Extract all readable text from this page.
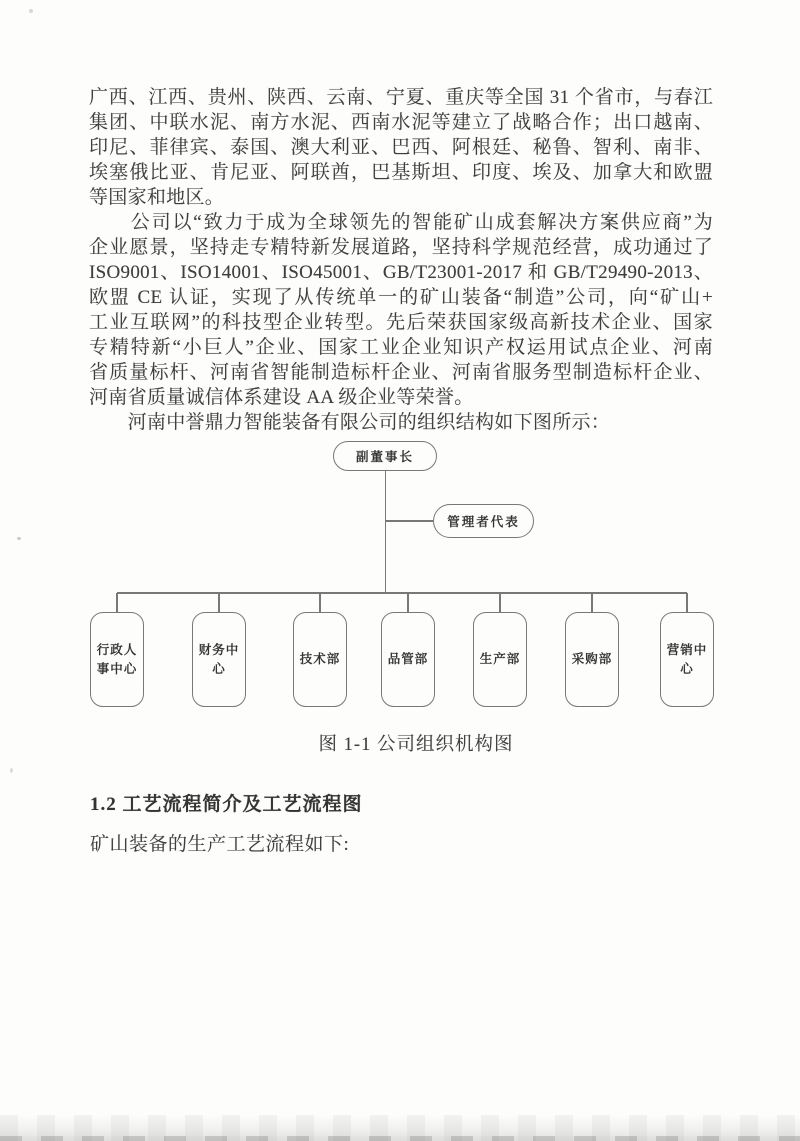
广西、江西、贵州、陕西、云南、宁夏、重庆等全国 31 个省市，与春江
集团、中联水泥、南方水泥、西南水泥等建立了战略合作；出口越南、
印尼、菲律宾、泰国、澳大利亚、巴西、阿根廷、秘鲁、智利、南非、
埃塞俄比亚、肯尼亚、阿联酋，巴基斯坦、印度、埃及、加拿大和欧盟
等国家和地区。
　　公司以“致力于成为全球领先的智能矿山成套解决方案供应商”为
企业愿景，坚持走专精特新发展道路，坚持科学规范经营，成功通过了
ISO9001、ISO14001、ISO45001、GB/T23001-2017 和 GB/T29490-2013、
欧盟 CE 认证，实现了从传统单一的矿山装备“制造”公司，向“矿山+
工业互联网”的科技型企业转型。先后荣获国家级高新技术企业、国家
专精特新“小巨人”企业、国家工业企业知识产权运用试点企业、河南
省质量标杆、河南省智能制造标杆企业、河南省服务型制造标杆企业、
河南省质量诚信体系建设 AA 级企业等荣誉。
　　河南中誉鼎力智能装备有限公司的组织结构如下图所示：
副董事长
管理者代表
行政人事中心
财务中心
技术部	品管部	生产部	采购部
营销中心

图 1-1 公司组织机构图

1.2 工艺流程简介及工艺流程图

矿山装备的生产工艺流程如下:
